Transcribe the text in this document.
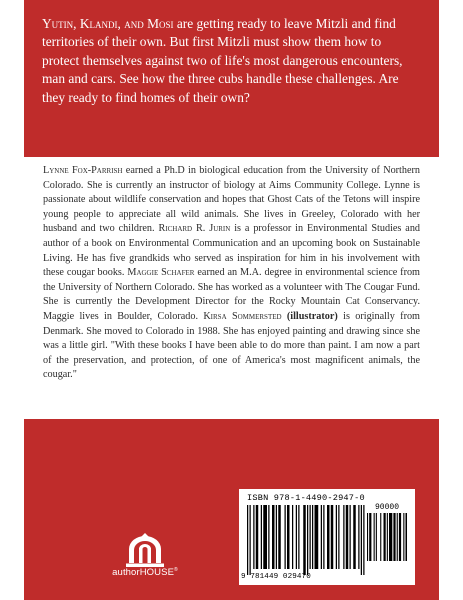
Yutin, Klandi, and Mosi are getting ready to leave Mitzli and find territories of their own. But first Mitzli must show them how to protect themselves against two of life's most dangerous encounters, man and cars. See how the three cubs handle these challenges. Are they ready to find homes of their own?

Lynne Fox-Parrish earned a Ph.D in biological education from the University of Northern Colorado. She is currently an instructor of biology at Aims Community College. Lynne is passionate about wildlife conservation and hopes that Ghost Cats of the Tetons will inspire young people to appreciate all wild animals. She lives in Greeley, Colorado with her husband and two children. Richard R. Jurin is a professor in Environmental Studies and author of a book on Environmental Communication and an upcoming book on Sustainable Living. He has five grandkids who served as inspiration for him in his involvement with these cougar books. Maggie Schafer earned an M.A. degree in environmental science from the University of Northern Colorado. She has worked as a volunteer with The Cougar Fund. She is currently the Development Director for the Rocky Mountain Cat Conservancy. Maggie lives in Boulder, Colorado. Kirsa Sommersted (illustrator) is originally from Denmark. She moved to Colorado in 1988. She has enjoyed painting and drawing since she was a little girl. "With these books I have been able to do more than paint. I am now a part of the preservation, and protection, of one of America's most magnificent animals, the cougar."

authorHOUSE®
ISBN 978-1-4490-2947-0
90000
9 781449 029470
